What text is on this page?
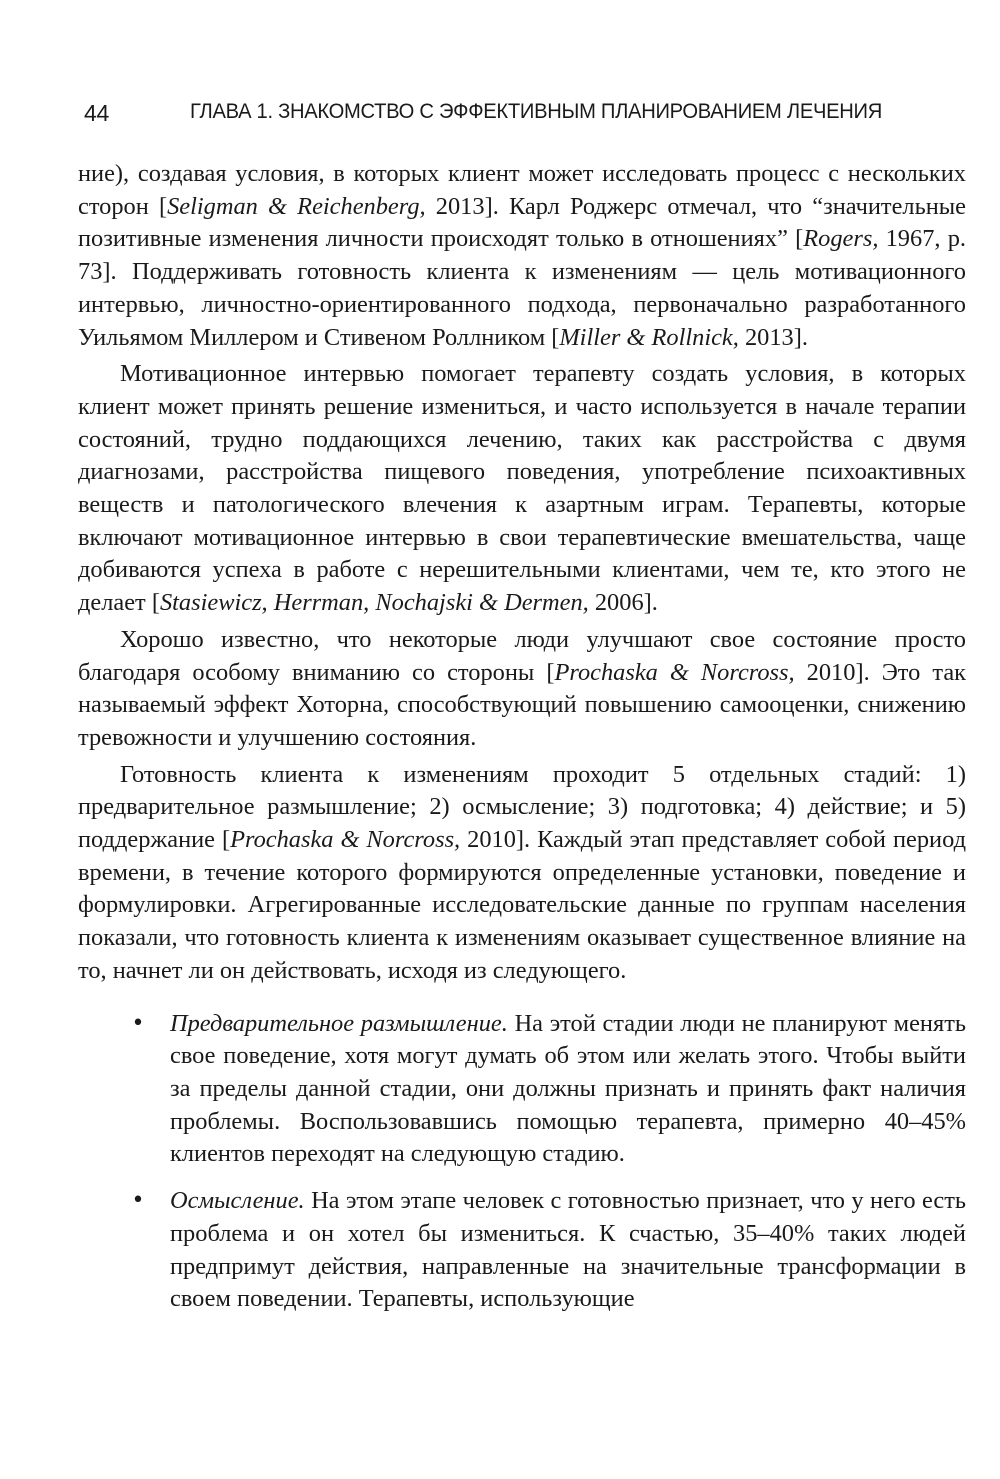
44	ГЛАВА 1. ЗНАКОМСТВО С ЭФФЕКТИВНЫМ ПЛАНИРОВАНИЕМ ЛЕЧЕНИЯ

ние), создавая условия, в которых клиент может исследовать процесс с нескольких сторон [Seligman & Reichenberg, 2013]. Карл Роджерс отмечал, что “значительные позитивные изменения личности происходят только в отношениях” [Rogers, 1967, p. 73]. Поддерживать готовность клиента к изменениям — цель мотивационного интервью, личностно-ориентированного подхода, первоначально разработанного Уильямом Миллером и Стивеном Роллником [Miller & Rollnick, 2013].

Мотивационное интервью помогает терапевту создать условия, в которых клиент может принять решение измениться, и часто используется в начале терапии состояний, трудно поддающихся лечению, таких как расстройства с двумя диагнозами, расстройства пищевого поведения, употребление психоактивных веществ и патологического влечения к азартным играм. Терапевты, которые включают мотивационное интервью в свои терапевтические вмешательства, чаще добиваются успеха в работе с нерешительными клиентами, чем те, кто этого не делает [Stasiewicz, Herrman, Nochajski & Dermen, 2006].

Хорошо известно, что некоторые люди улучшают свое состояние просто благодаря особому вниманию со стороны [Prochaska & Norcross, 2010]. Это так называемый эффект Хоторна, способствующий повышению самооценки, снижению тревожности и улучшению состояния.

Готовность клиента к изменениям проходит 5 отдельных стадий: 1) предварительное размышление; 2) осмысление; 3) подготовка; 4) действие; и 5) поддержание [Prochaska & Norcross, 2010]. Каждый этап представляет собой период времени, в течение которого формируются определенные установки, поведение и формулировки. Агрегированные исследовательские данные по группам населения показали, что готовность клиента к изменениям оказывает существенное влияние на то, начнет ли он действовать, исходя из следующего.

• Предварительное размышление. На этой стадии люди не планируют менять свое поведение, хотя могут думать об этом или желать этого. Чтобы выйти за пределы данной стадии, они должны признать и принять факт наличия проблемы. Воспользовавшись помощью терапевта, примерно 40–45% клиентов переходят на следующую стадию.
• Осмысление. На этом этапе человек с готовностью признает, что у него есть проблема и он хотел бы измениться. К счастью, 35–40% таких людей предпримут действия, направленные на значительные трансформации в своем поведении. Терапевты, использующие
